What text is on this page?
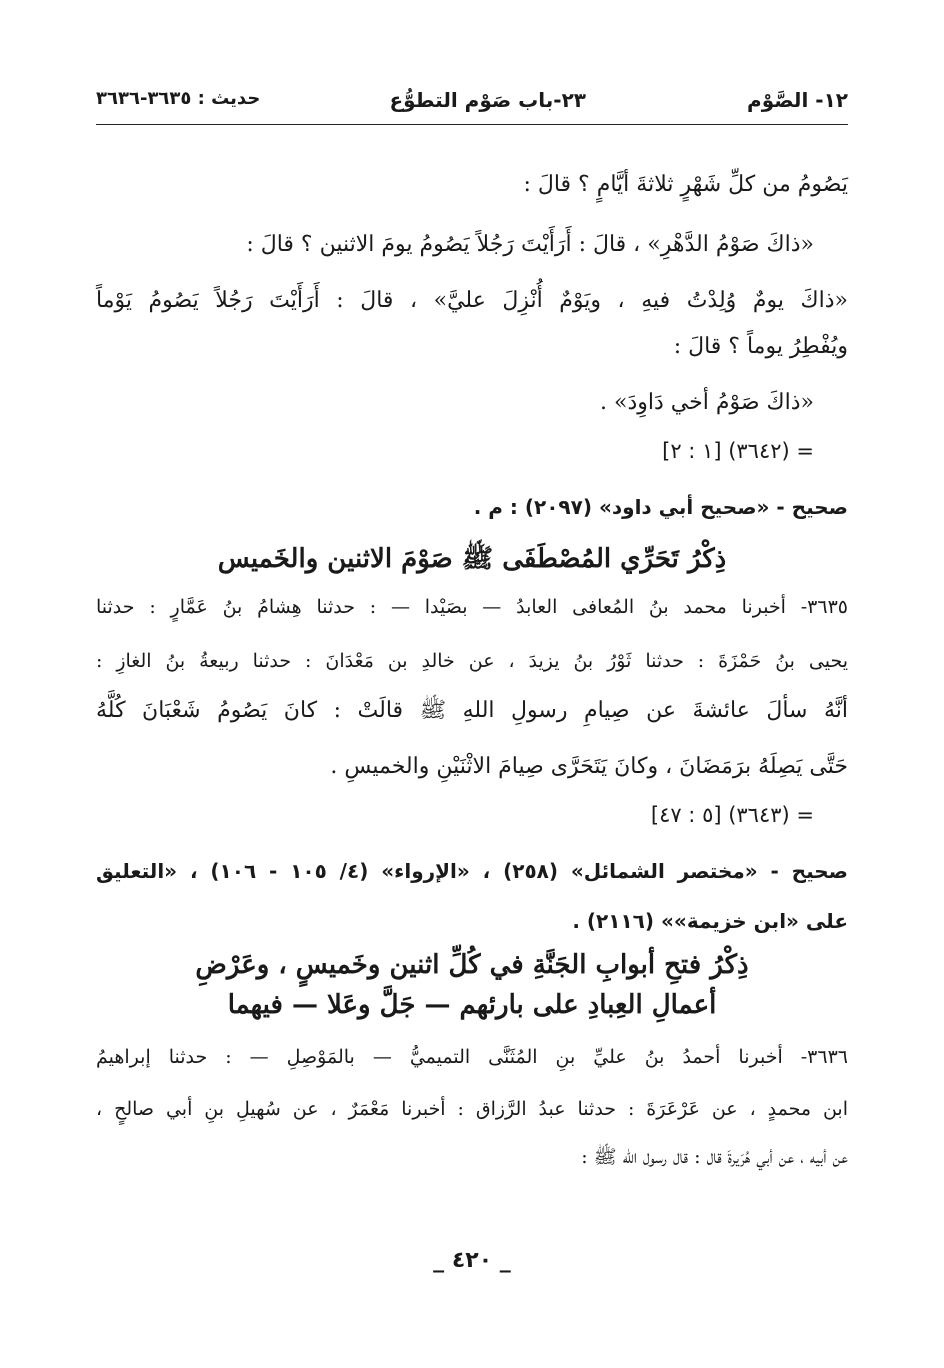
١٢- الصَّوْم
٢٣-باب صَوْم التطوُّع
حديث : ٣٦٣٥-٣٦٣٦
يَصُومُ من كلِّ شَهْرٍ ثلاثةَ أيَّامٍ ؟ قالَ :
«ذاكَ صَوْمُ الدَّهْرِ» ، قالَ : أَرَأَيْتَ رَجُلاً يَصُومُ يومَ الاثنين ؟ قالَ :
«ذاكَ يومٌ وُلِدْتُ فيهِ ، ويَوْمٌ أُنْزِلَ عليَّ» ، قالَ : أَرَأَيْتَ رَجُلاً يَصُومُ يَوْماً
ويُفْطِرُ يوماً ؟ قالَ :
«ذاكَ صَوْمُ أخي دَاوِدَ» .
= (٣٦٤٢) [١ : ٢]
صحيح - «صحيح أبي داود» (٢٠٩٧) : م .
ذِكْرُ تَحَرِّي المُصْطَفَى ﷺ صَوْمَ الاثنين والخَميس
٣٦٣٥- أخبرنا محمد بنُ المُعافى العابدُ — بصَيْدا — : حدثنا هِشامُ بنُ عَمَّارٍ : حدثنا
يحيى بنُ حَمْزَةَ : حدثنا ثَوْرُ بنُ يزيدَ ، عن خالدِ بن مَعْدَانَ : حدثنا ربيعةُ بنُ الغازِ :
أنَّهُ سألَ عائشةَ عن صِيامِ رسولِ اللهِ ﷺ قالَتْ : كانَ يَصُومُ شَعْبَانَ كُلَّهُ
حَتَّى يَصِلَهُ برَمَضَانَ ، وكانَ يَتَحَرَّى صِيامَ الاثْنَيْنِ والخميسِ .
= (٣٦٤٣) [٥ : ٤٧]
صحيح - «مختصر الشمائل» (٢٥٨) ، «الإرواء» (٤/ ١٠٥ - ١٠٦) ، «التعليق
على «ابن خزيمة»» (٢١١٦) .
ذِكْرُ فتحِ أبوابِ الجَنَّةِ في كُلِّ اثنين وخَميسٍ ، وعَرْضِ
أعمالِ العِبادِ على بارئهم — جَلَّ وعَلا — فيهما
٣٦٣٦- أخبرنا أحمدُ بنُ عليِّ بنِ المُثَنَّى التميميُّ — بالمَوْصِلِ — : حدثنا إبراهيمُ
ابن محمدٍ ، عن عَرْعَرَةَ : حدثنا عبدُ الرَّزاق : أخبرنا مَعْمَرٌ ، عن سُهيلِ بنِ أبي صالحٍ ،
عن أبيه ، عن أبي هُرَيرةَ قال : قال رسول الله ﷺ :
_ ٤٢٠ _
